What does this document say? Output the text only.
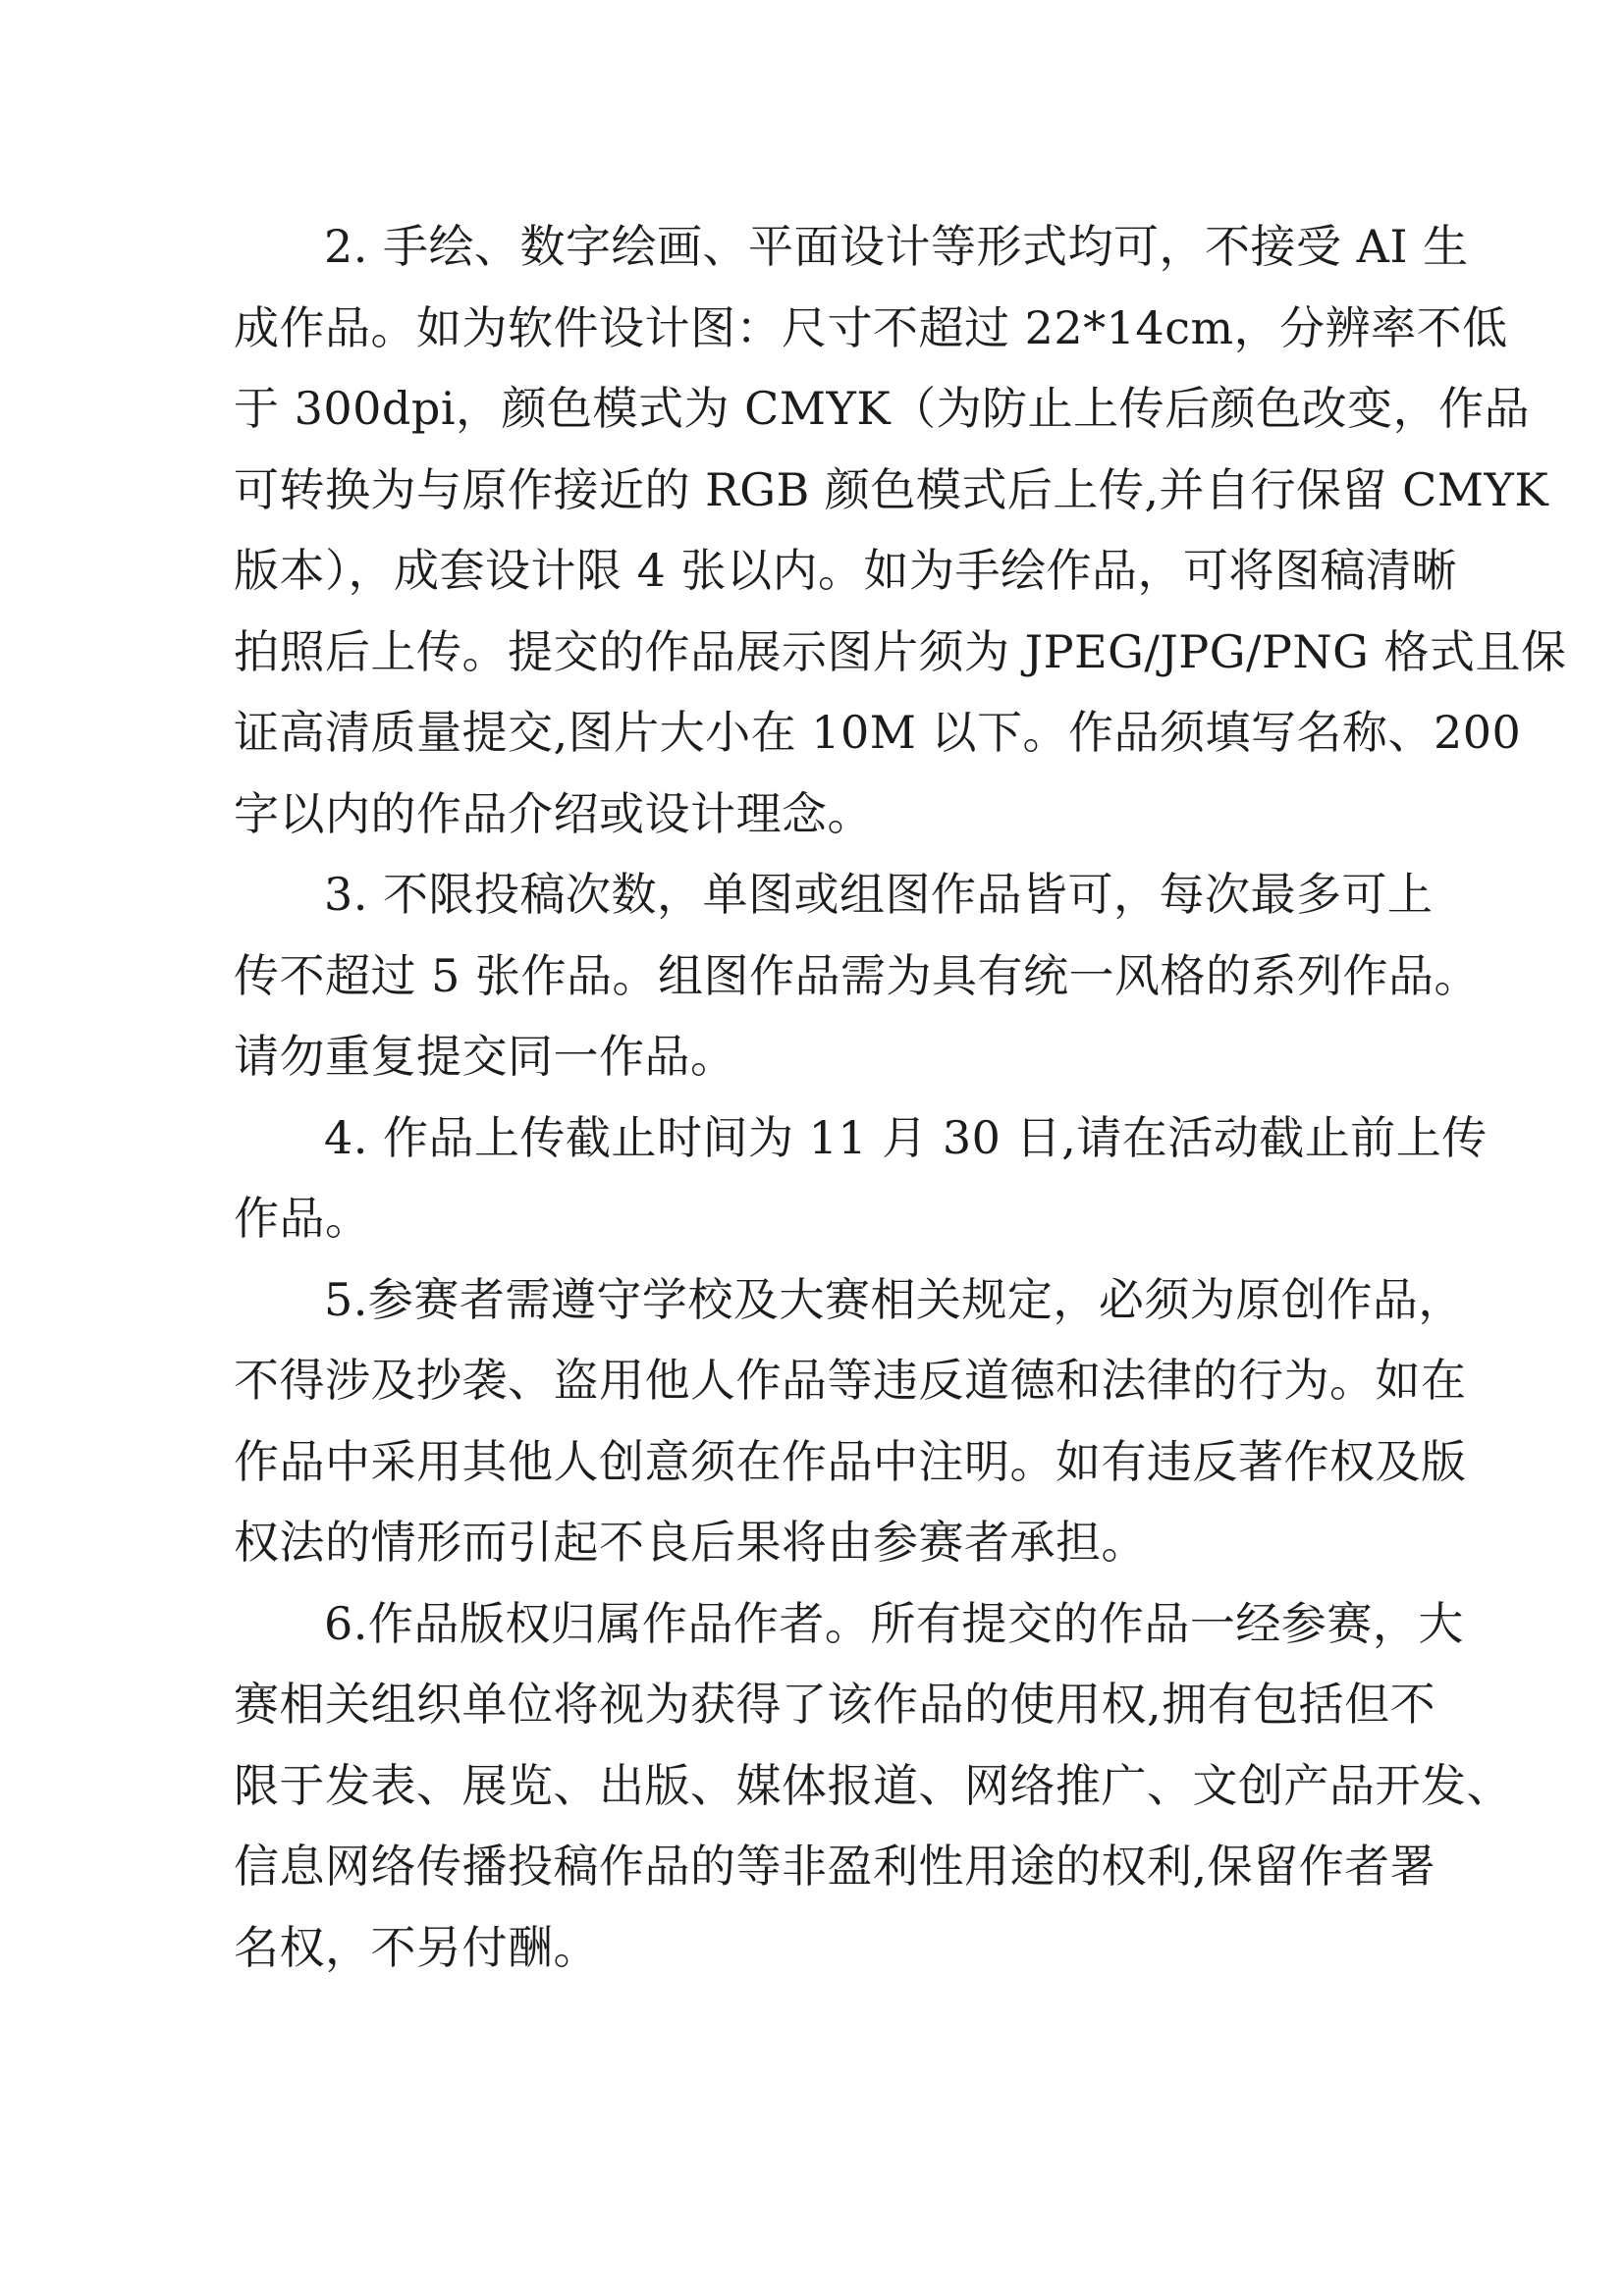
2. 手绘、数字绘画、平面设计等形式均可，不接受 AI 生
成作品。如为软件设计图：尺寸不超过 22*14cm，分辨率不低
于 300dpi，颜色模式为 CMYK（为防止上传后颜色改变，作品
可转换为与原作接近的 RGB 颜色模式后上传,并自行保留 CMYK
版本），成套设计限 4 张以内。如为手绘作品，可将图稿清晰
拍照后上传。提交的作品展示图片须为 JPEG/JPG/PNG 格式且保
证高清质量提交,图片大小在 10M 以下。作品须填写名称、200
字以内的作品介绍或设计理念。
3. 不限投稿次数，单图或组图作品皆可，每次最多可上
传不超过 5 张作品。组图作品需为具有统一风格的系列作品。
请勿重复提交同一作品。
4. 作品上传截止时间为 11 月 30 日,请在活动截止前上传
作品。
5.参赛者需遵守学校及大赛相关规定，必须为原创作品，
不得涉及抄袭、盗用他人作品等违反道德和法律的行为。如在
作品中采用其他人创意须在作品中注明。如有违反著作权及版
权法的情形而引起不良后果将由参赛者承担。
6.作品版权归属作品作者。所有提交的作品一经参赛，大
赛相关组织单位将视为获得了该作品的使用权,拥有包括但不
限于发表、展览、出版、媒体报道、网络推广、文创产品开发、
信息网络传播投稿作品的等非盈利性用途的权利,保留作者署
名权，不另付酬。
